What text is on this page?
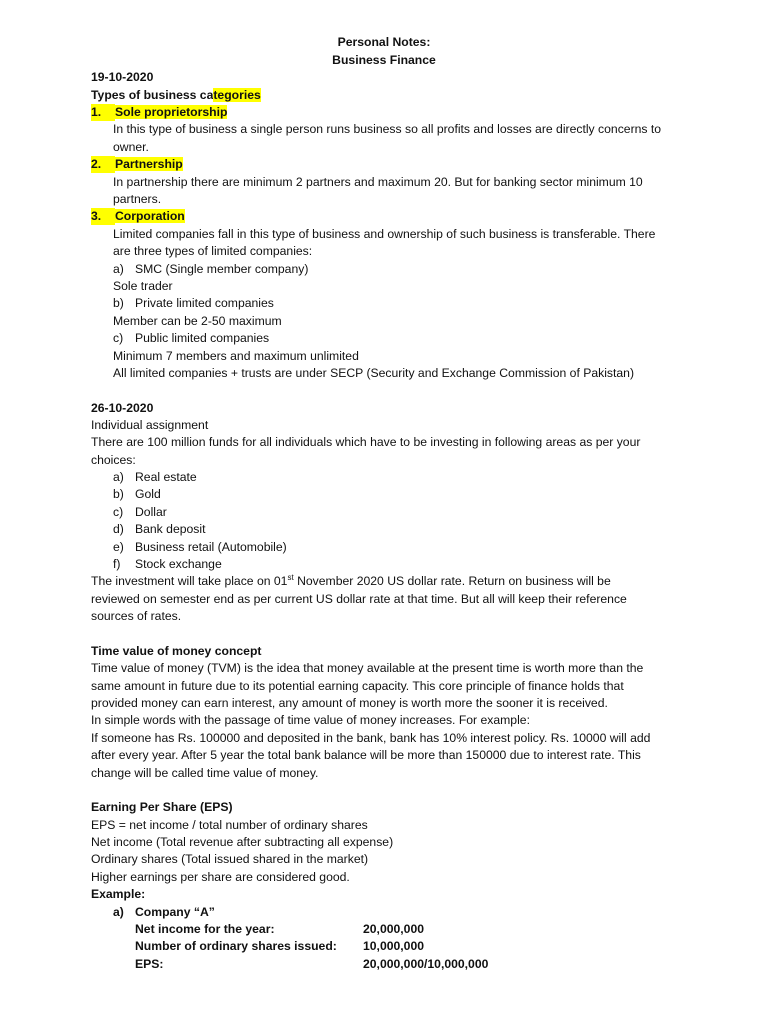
Personal Notes:
Business Finance
19-10-2020
Types of business categories
1. Sole proprietorship
In this type of business a single person runs business so all profits and losses are directly concerns to
owner.
2. Partnership
In partnership there are minimum 2 partners and maximum 20. But for banking sector minimum 10
partners.
3. Corporation
Limited companies fall in this type of business and ownership of such business is transferable. There
are three types of limited companies:
a) SMC (Single member company)
Sole trader
b) Private limited companies
Member can be 2-50 maximum
c) Public limited companies
Minimum 7 members and maximum unlimited
All limited companies + trusts are under SECP (Security and Exchange Commission of Pakistan)
26-10-2020
Individual assignment
There are 100 million funds for all individuals which have to be investing in following areas as per your
choices:
a) Real estate
b) Gold
c) Dollar
d) Bank deposit
e) Business retail (Automobile)
f) Stock exchange
The investment will take place on 01st November 2020 US dollar rate. Return on business will be
reviewed on semester end as per current US dollar rate at that time. But all will keep their reference
sources of rates.
Time value of money concept
Time value of money (TVM) is the idea that money available at the present time is worth more than the
same amount in future due to its potential earning capacity. This core principle of finance holds that
provided money can earn interest, any amount of money is worth more the sooner it is received.
In simple words with the passage of time value of money increases. For example:
If someone has Rs. 100000 and deposited in the bank, bank has 10% interest policy. Rs. 10000 will add
after every year. After 5 year the total bank balance will be more than 150000 due to interest rate. This
change will be called time value of money.
Earning Per Share (EPS)
EPS = net income / total number of ordinary shares
Net income (Total revenue after subtracting all expense)
Ordinary shares (Total issued shared in the market)
Higher earnings per share are considered good.
Example:
a) Company “A”
Net income for the year:	20,000,000
Number of ordinary shares issued: 10,000,000
EPS:	20,000,000/10,000,000
